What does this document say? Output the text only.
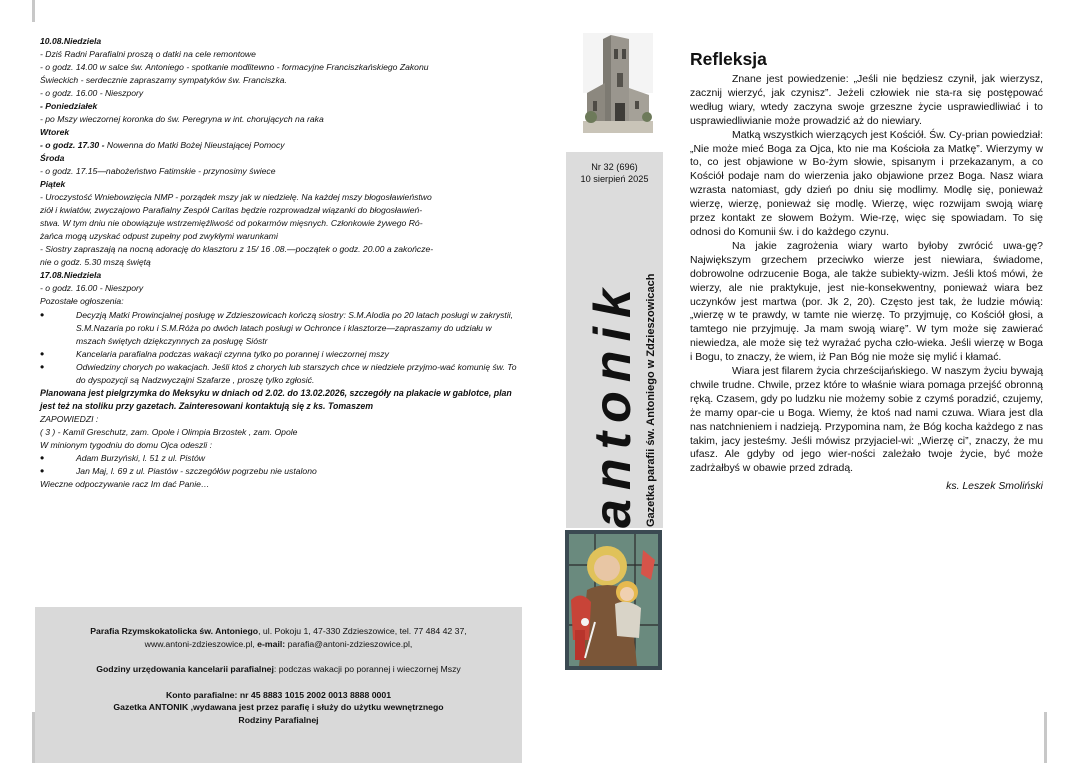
10.08.Niedziela
- Dziś Radni Parafialni proszą o datki na cele remontowe
- o godz. 14.00 w salce św. Antoniego - spotkanie modlitewno - formacyjne Franciszkańskiego Zakonu
Świeckich - serdecznie zapraszamy sympatyków św. Franciszka.
- o godz. 16.00 - Nieszpory
- Poniedziałek
- po Mszy wieczornej koronka do św. Peregryna w int. chorujących na raka
Wtorek
- o godz. 17.30 - Nowenna do Matki Bożej Nieustającej Pomocy
Środa
- o godz. 17.15—nabożeństwo Fatimskie - przynosimy świece
Piątek
- Uroczystość Wniebowzięcia NMP - porządek mszy jak w niedzielę. Na każdej mszy błogosławieństwo
ziół i kwiatów, zwyczajowo Parafialny Zespół Caritas będzie rozprowadzał wiązanki do błogosławień-
stwa. W tym dniu nie obowiązuje wstrzemięźliwość od pokarmów mięsnych. Członkowie żywego Ró-
żańca mogą uzyskać odpust zupełny pod zwykłymi warunkami
- Siostry zapraszają na nocną adorację do klasztoru z 15/ 16 .08.—początek o godz. 20.00 a zakończe-
nie o godz. 5.30 mszą świętą
17.08.Niedziela
- o godz. 16.00 - Nieszpory
Pozostałe ogłoszenia:
• Decyzją Matki Prowincjalnej posługę w Zdzieszowicach kończą siostry: S.M.Alodia po 20 latach posługi w zakrystii, S.M.Nazaria po roku i S.M.Róża po dwóch latach posługi w Ochronce i klasztorze—zapraszamy do udziału w mszach świętych dziękczynnych za posługę Sióstr
• Kancelaria parafialna podczas wakacji czynna tylko po porannej i wieczornej mszy
• Odwiedziny chorych po wakacjach. Jeśli ktoś z chorych lub starszych chce w niedziele przyjmo-wać komunię św. To do dyspozycji są Nadzwyczajni Szafarze , proszę tylko zgłosić.
Planowana jest pielgrzymka do Meksyku w dniach od 2.02. do 13.02.2026, szczegóły na plakacie w gablotce, plan jest też na stoliku przy gazetach. Zainteresowani kontaktują się z ks. Tomaszem
ZAPOWIEDZI :
( 3 ) - Kamil Greschutz, zam. Opole i Olimpia Brzostek , zam. Opole
W minionym tygodniu do domu Ojca odeszli :
• Adam Burzyński, l. 51 z ul. Pistów
• Jan Maj, l. 69 z ul. Piastów - szczegółów pogrzebu nie ustalono
Wieczne odpoczywanie racz Im dać Panie…

Parafia Rzymskokatolicka św. Antoniego, ul. Pokoju 1, 47-330 Zdzieszowice, tel. 77 484 42 37,

www.antoni-zdzieszowice.pl, e-mail: parafia@antoni-zdzieszowice.pl,

Godziny urzędowania kancelarii parafialnej: podczas wakacji po porannej i wieczornej Mszy

Konto parafialne: nr 45 8883 1015 2002 0013 8888 0001

Gazetka ANTONIK ,wydawana jest przez parafię i służy do użytku wewnętrznego

Rodziny Parafialnej

Nr 32 (696)
10 sierpień 2025
antonik Gazetka parafii św. Antoniego w Zdzieszowicach
Refleksja

Znane jest powiedzenie: „Jeśli nie będziesz czynił, jak wierzysz, zacznij wierzyć, jak czynisz”. Jeżeli człowiek nie sta-ra się postępować według wiary, wtedy zaczyna swoje grzeszne życie usprawiedliwiać i to usprawiedliwianie może prowadzić aż do niewiary.

Matką wszystkich wierzących jest Kościół. Św. Cy-prian powiedział: „Nie może mieć Boga za Ojca, kto nie ma Kościoła za Matkę”. Wierzymy w to, co jest objawione w Bo-żym słowie, spisanym i przekazanym, a co Kościół podaje nam do wierzenia jako objawione przez Boga. Nasz wiara wzrasta natomiast, gdy dzień po dniu się modlimy. Modlę się, ponieważ wierzę, wierzę, ponieważ się modlę. Wierzę, więc rozwijam swoją wiarę przez kontakt ze słowem Bożym. Wie-rzę, więc się spowiadam. To się odnosi do Komunii św. i do każdego czynu.

Na jakie zagrożenia wiary warto byłoby zwrócić uwa-gę? Największym grzechem przeciwko wierze jest niewiara, świadome, dobrowolne odrzucenie Boga, ale także subiekty-wizm. Jeśli ktoś mówi, że wierzy, ale nie praktykuje, jest nie-konsekwentny, ponieważ wiara bez uczynków jest martwa (por. Jk 2, 20). Często jest tak, że ludzie mówią: „wierzę w te prawdy, w tamte nie wierzę. To przyjmuję, co Kościół głosi, a tamtego nie przyjmuję. Ja mam swoją wiarę”. W tym może się zawierać niewiedza, ale może się też wyrażać pycha czło-wieka. Jeśli wierzę w Boga i Bogu, to znaczy, że wiem, iż Pan Bóg nie może się mylić i kłamać.

Wiara jest filarem życia chrześcijańskiego. W naszym życiu bywają chwile trudne. Chwile, przez które to właśnie wiara pomaga przejść obronną ręką. Czasem, gdy po ludzku nie możemy sobie z czymś poradzić, czujemy, że mamy opar-cie u Boga. Wiemy, że ktoś nad nami czuwa. Wiara jest dla nas natchnieniem i nadzieją. Przypomina nam, że Bóg kocha każdego z nas takim, jacy jesteśmy. Jeśli mówisz przyjaciel-wi: „Wierzę ci”, znaczy, że mu ufasz. Ale gdyby od jego wier-ności zależało twoje życie, być może zadrżałbyś w obawie przed zdradą.

ks. Leszek Smoliński
